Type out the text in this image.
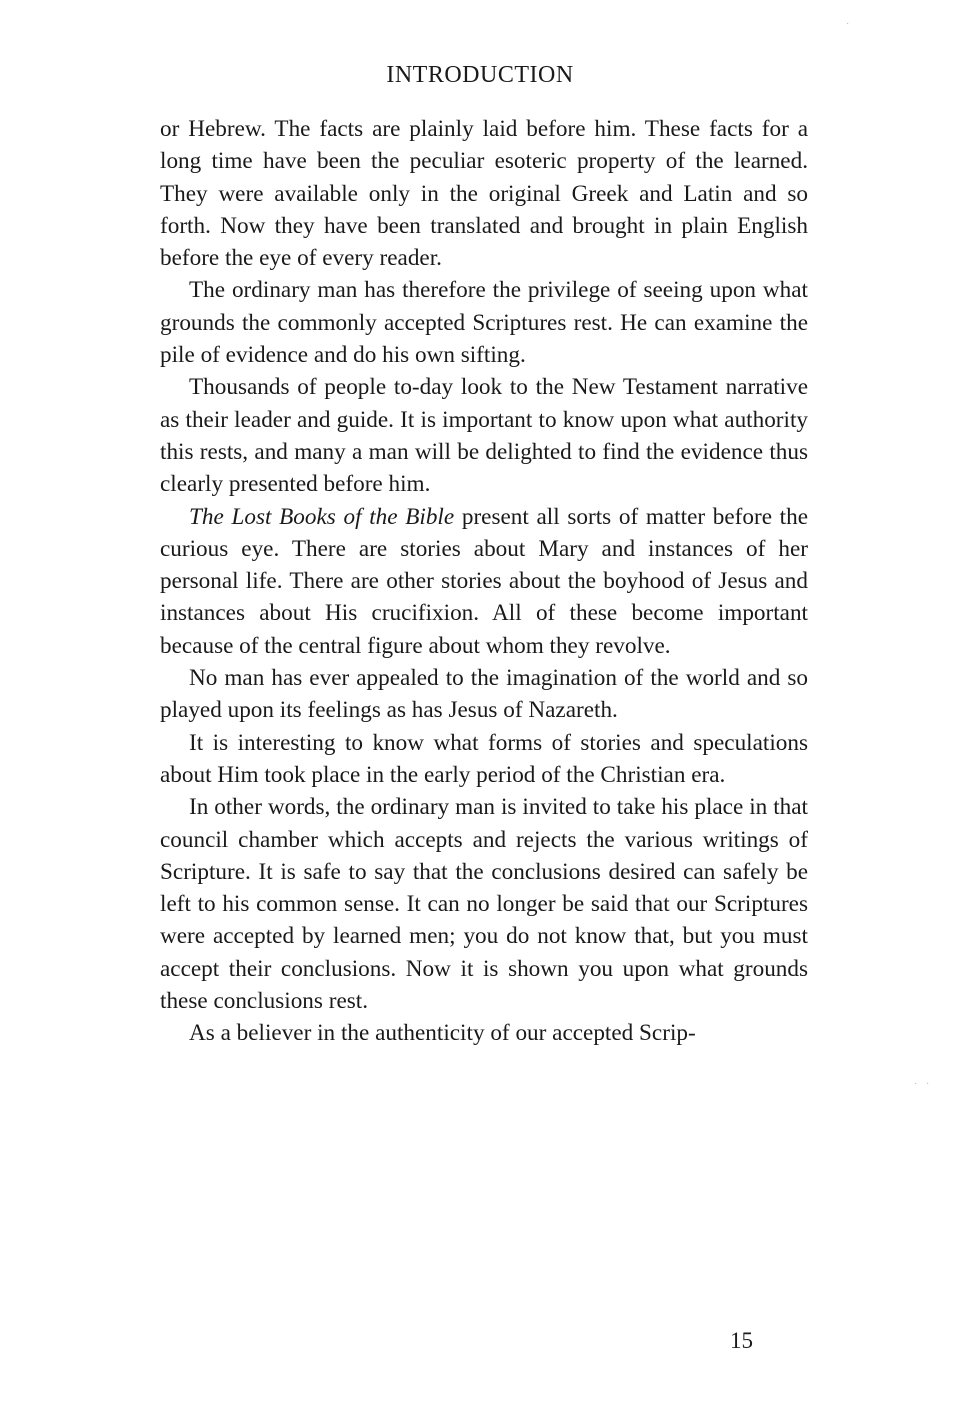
INTRODUCTION

or Hebrew. The facts are plainly laid before him. These facts for a long time have been the peculiar esoteric property of the learned. They were available only in the original Greek and Latin and so forth. Now they have been translated and brought in plain English before the eye of every reader.

The ordinary man has therefore the privilege of seeing upon what grounds the commonly accepted Scriptures rest. He can examine the pile of evidence and do his own sifting.

Thousands of people to-day look to the New Testament narrative as their leader and guide. It is important to know upon what authority this rests, and many a man will be delighted to find the evidence thus clearly presented before him.

The Lost Books of the Bible present all sorts of matter before the curious eye. There are stories about Mary and instances of her personal life. There are other stories about the boyhood of Jesus and instances about His crucifixion. All of these become important because of the central figure about whom they revolve.

No man has ever appealed to the imagination of the world and so played upon its feelings as has Jesus of Nazareth.

It is interesting to know what forms of stories and speculations about Him took place in the early period of the Christian era.

In other words, the ordinary man is invited to take his place in that council chamber which accepts and rejects the various writings of Scripture. It is safe to say that the conclusions desired can safely be left to his common sense. It can no longer be said that our Scriptures were accepted by learned men; you do not know that, but you must accept their conclusions. Now it is shown you upon what grounds these conclusions rest.

As a believer in the authenticity of our accepted Scrip-

15
·
· ·
